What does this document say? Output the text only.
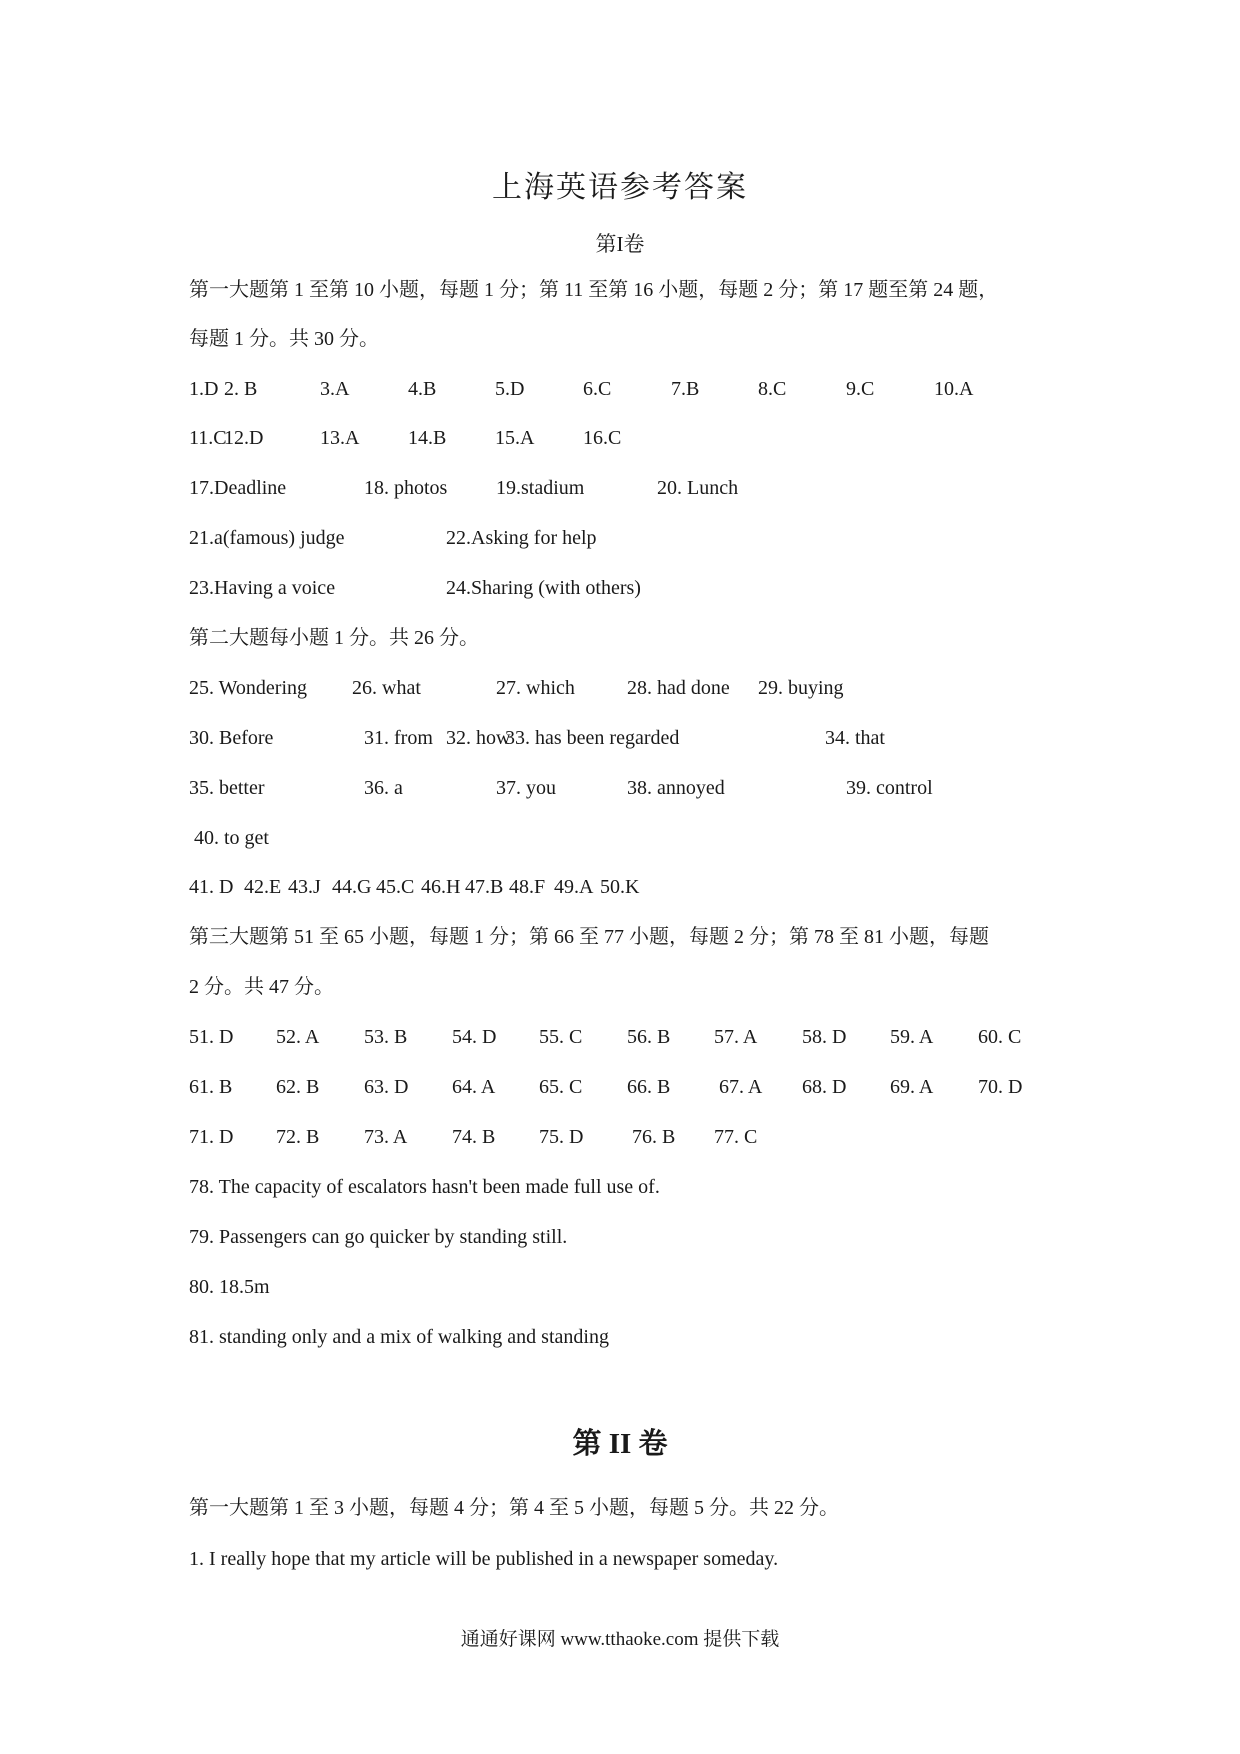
上海英语参考答案
第I卷
第一大题第 1 至第 10 小题，每题 1 分；第 11 至第 16 小题，每题 2 分；第 17 题至第 24 题，
每题 1 分。共 30 分。
1.D 2. B	3.A	4.B	5.D	6.C	7.B	8.C	9.C	10.A
11.C
12.D	13.A 14.B 15.A 16.C
17.Deadline	18. photos 19.stadium	20. Lunch
21.a(famous) judge	22.Asking for help
23.Having a voice	24.Sharing (with others)
第二大题每小题 1 分。共 26 分。
25. Wondering 26. what	27. which	28. had done 29. buying
30. Before	31. from 32. how
33. has been regarded	34. that
35. better	36. a	37. you	38. annoyed	39. control
40. to get
41. D 42.E 43.J 44.G 45.C 46.H 47.B 48.F 49.A 50.K
第三大题第 51 至 65 小题，每题 1 分；第 66 至 77 小题，每题 2 分；第 78 至 81 小题，每题
2 分。共 47 分。
51. D 52. A 53. B 54. D 55. C 56. B 57. A 58. D 59. A 60. C
61. B 62. B 63. D 64. A 65. C 66. B 67. A 68. D 69. A 70. D
71. D 72. B 73. A 74. B 75. D 76. B 77. C
78. The capacity of escalators hasn't been made full use of.
79. Passengers can go quicker by standing still.
80. 18.5m
81. standing only and a mix of walking and standing
第 II 卷
第一大题第 1 至 3 小题，每题 4 分；第 4 至 5 小题，每题 5 分。共 22 分。
1. I really hope that my article will be published in a newspaper someday.
通通好课网 www.tthaoke.com 提供下载
